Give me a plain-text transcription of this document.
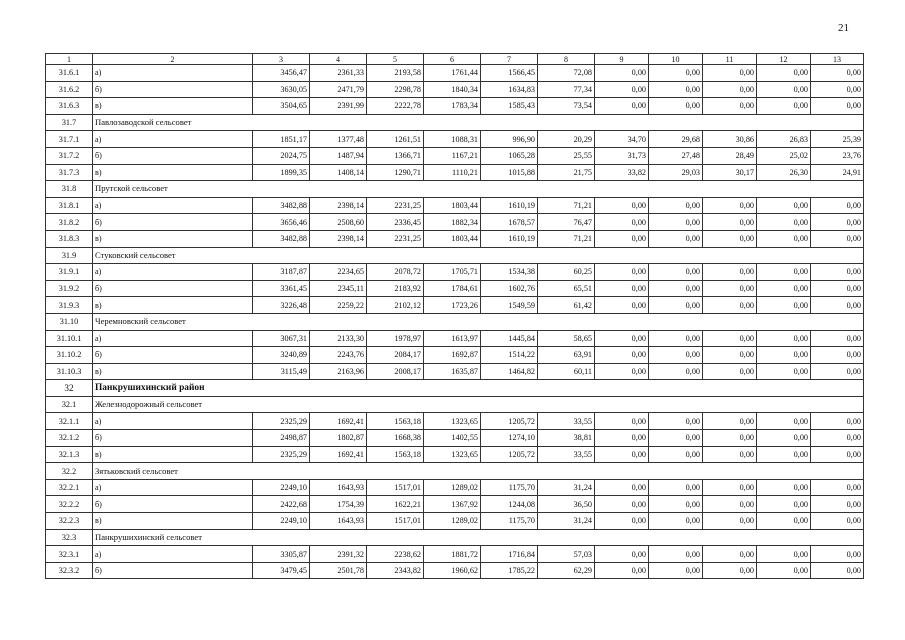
21
1	2	3	4	5	6	7	8	9	10	11	12	13
31.6.1	а)	3456,47	2361,33	2193,58	1761,44	1566,45	72,08	0,00	0,00	0,00	0,00	0,00
31.6.2	б)	3630,05	2471,79	2298,78	1840,34	1634,83	77,34	0,00	0,00	0,00	0,00	0,00
31.6.3	в)	3504,65	2391,99	2222,78	1783,34	1585,43	73,54	0,00	0,00	0,00	0,00	0,00
31.7	Павлозаводской сельсовет											
31.7.1	а)	1851,17	1377,48	1261,51	1088,31	996,90	20,29	34,70	29,68	30,86	26,83	25,39
31.7.2	б)	2024,75	1487,94	1366,71	1167,21	1065,28	25,55	31,73	27,48	28,49	25,02	23,76
31.7.3	в)	1899,35	1408,14	1290,71	1110,21	1015,88	21,75	33,82	29,03	30,17	26,30	24,91
31.8	Прутской сельсовет											
31.8.1	а)	3482,88	2398,14	2231,25	1803,44	1610,19	71,21	0,00	0,00	0,00	0,00	0,00
31.8.2	б)	3656,46	2508,60	2336,45	1882,34	1678,57	76,47	0,00	0,00	0,00	0,00	0,00
31.8.3	в)	3482,88	2398,14	2231,25	1803,44	1610,19	71,21	0,00	0,00	0,00	0,00	0,00
31.9	Стуковский сельсовет											
31.9.1	а)	3187,87	2234,65	2078,72	1705,71	1534,38	60,25	0,00	0,00	0,00	0,00	0,00
31.9.2	б)	3361,45	2345,11	2183,92	1784,61	1602,76	65,51	0,00	0,00	0,00	0,00	0,00
31.9.3	в)	3226,48	2259,22	2102,12	1723,26	1549,59	61,42	0,00	0,00	0,00	0,00	0,00
31.10	Черемновский сельсовет											
31.10.1	а)	3067,31	2133,30	1978,97	1613,97	1445,84	58,65	0,00	0,00	0,00	0,00	0,00
31.10.2	б)	3240,89	2243,76	2084,17	1692,87	1514,22	63,91	0,00	0,00	0,00	0,00	0,00
31.10.3	в)	3115,49	2163,96	2008,17	1635,87	1464,82	60,11	0,00	0,00	0,00	0,00	0,00
32	Панкрушихинский район											
32.1	Железнодорожный сельсовет											
32.1.1	а)	2325,29	1692,41	1563,18	1323,65	1205,72	33,55	0,00	0,00	0,00	0,00	0,00
32.1.2	б)	2498,87	1802,87	1668,38	1402,55	1274,10	38,81	0,00	0,00	0,00	0,00	0,00
32.1.3	в)	2325,29	1692,41	1563,18	1323,65	1205,72	33,55	0,00	0,00	0,00	0,00	0,00
32.2	Зятьковский сельсовет											
32.2.1	а)	2249,10	1643,93	1517,01	1289,02	1175,70	31,24	0,00	0,00	0,00	0,00	0,00
32.2.2	б)	2422,68	1754,39	1622,21	1367,92	1244,08	36,50	0,00	0,00	0,00	0,00	0,00
32.2.3	в)	2249,10	1643,93	1517,01	1289,02	1175,70	31,24	0,00	0,00	0,00	0,00	0,00
32.3	Панкрушихинский сельсовет											
32.3.1	а)	3305,87	2391,32	2238,62	1881,72	1716,84	57,03	0,00	0,00	0,00	0,00	0,00
32.3.2	б)	3479,45	2501,78	2343,82	1960,62	1785,22	62,29	0,00	0,00	0,00	0,00	0,00
